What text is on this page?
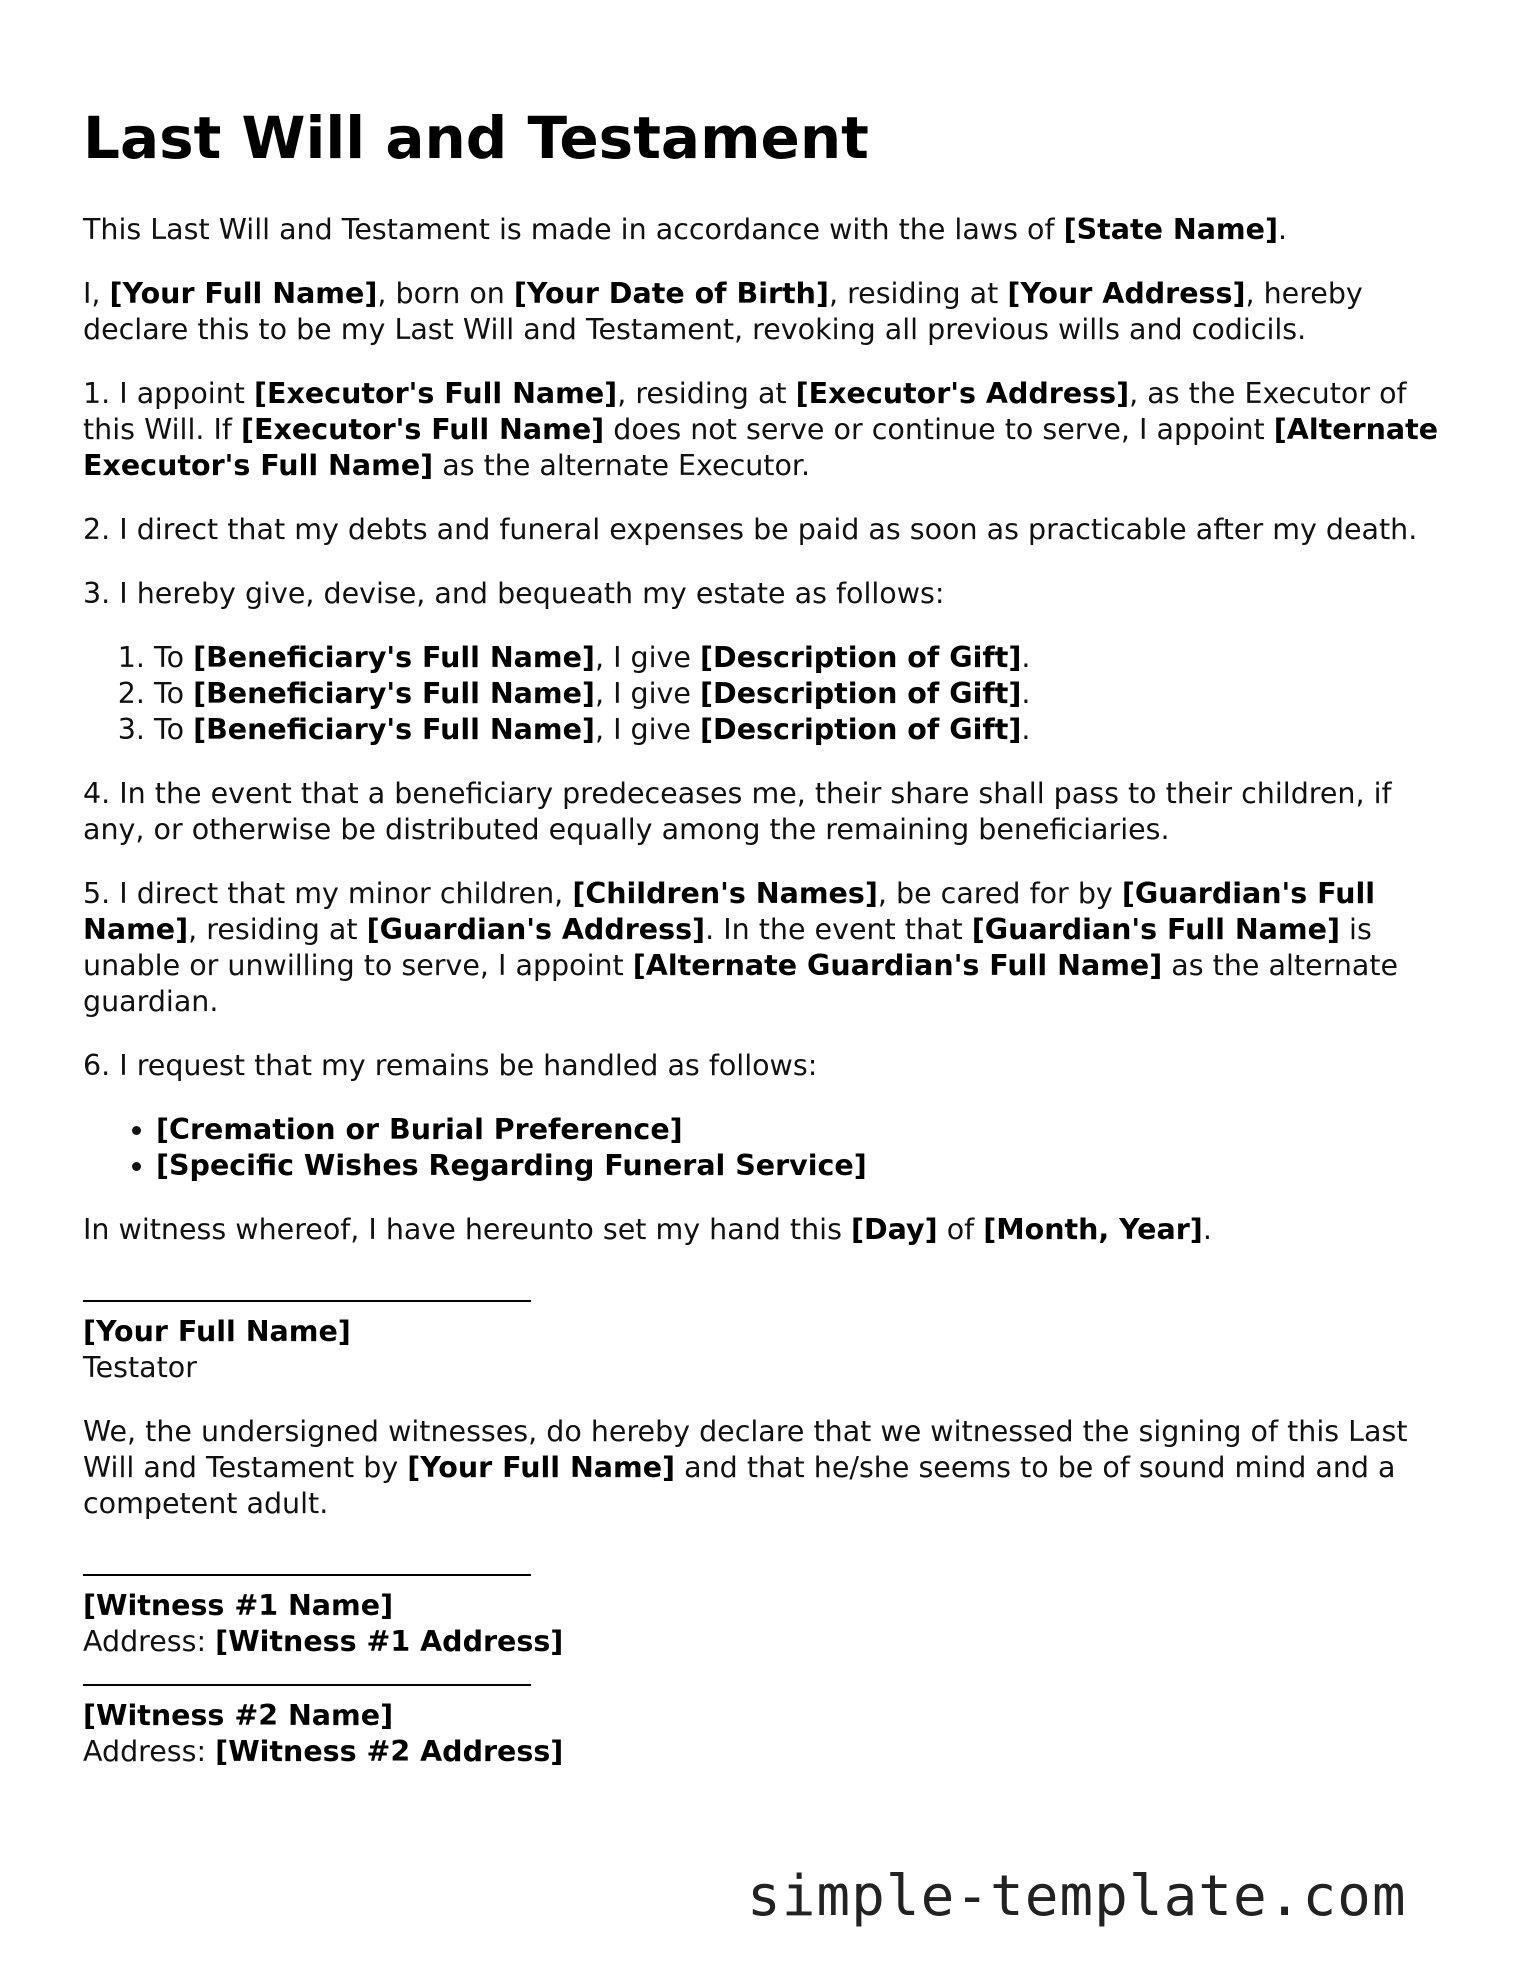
Last Will and Testament

This Last Will and Testament is made in accordance with the laws of [State Name].

I, [Your Full Name], born on [Your Date of Birth], residing at [Your Address], hereby declare this to be my Last Will and Testament, revoking all previous wills and codicils.

1. I appoint [Executor's Full Name], residing at [Executor's Address], as the Executor of this Will. If [Executor's Full Name] does not serve or continue to serve, I appoint [Alternate Executor's Full Name] as the alternate Executor.

2. I direct that my debts and funeral expenses be paid as soon as practicable after my death.

3. I hereby give, devise, and bequeath my estate as follows:

1. To [Beneficiary's Full Name], I give [Description of Gift].
2. To [Beneficiary's Full Name], I give [Description of Gift].
3. To [Beneficiary's Full Name], I give [Description of Gift].

4. In the event that a beneficiary predeceases me, their share shall pass to their children, if any, or otherwise be distributed equally among the remaining beneficiaries.

5. I direct that my minor children, [Children's Names], be cared for by [Guardian's Full Name], residing at [Guardian's Address]. In the event that [Guardian's Full Name] is unable or unwilling to serve, I appoint [Alternate Guardian's Full Name] as the alternate guardian.

6. I request that my remains be handled as follows:

• [Cremation or Burial Preference]
• [Specific Wishes Regarding Funeral Service]

In witness whereof, I have hereunto set my hand this [Day] of [Month, Year].

[Your Full Name]

Testator

We, the undersigned witnesses, do hereby declare that we witnessed the signing of this Last Will and Testament by [Your Full Name] and that he/she seems to be of sound mind and a competent adult.

[Witness #1 Name]

Address: [Witness #1 Address]

[Witness #2 Name]

Address: [Witness #2 Address]

simple-template.com
